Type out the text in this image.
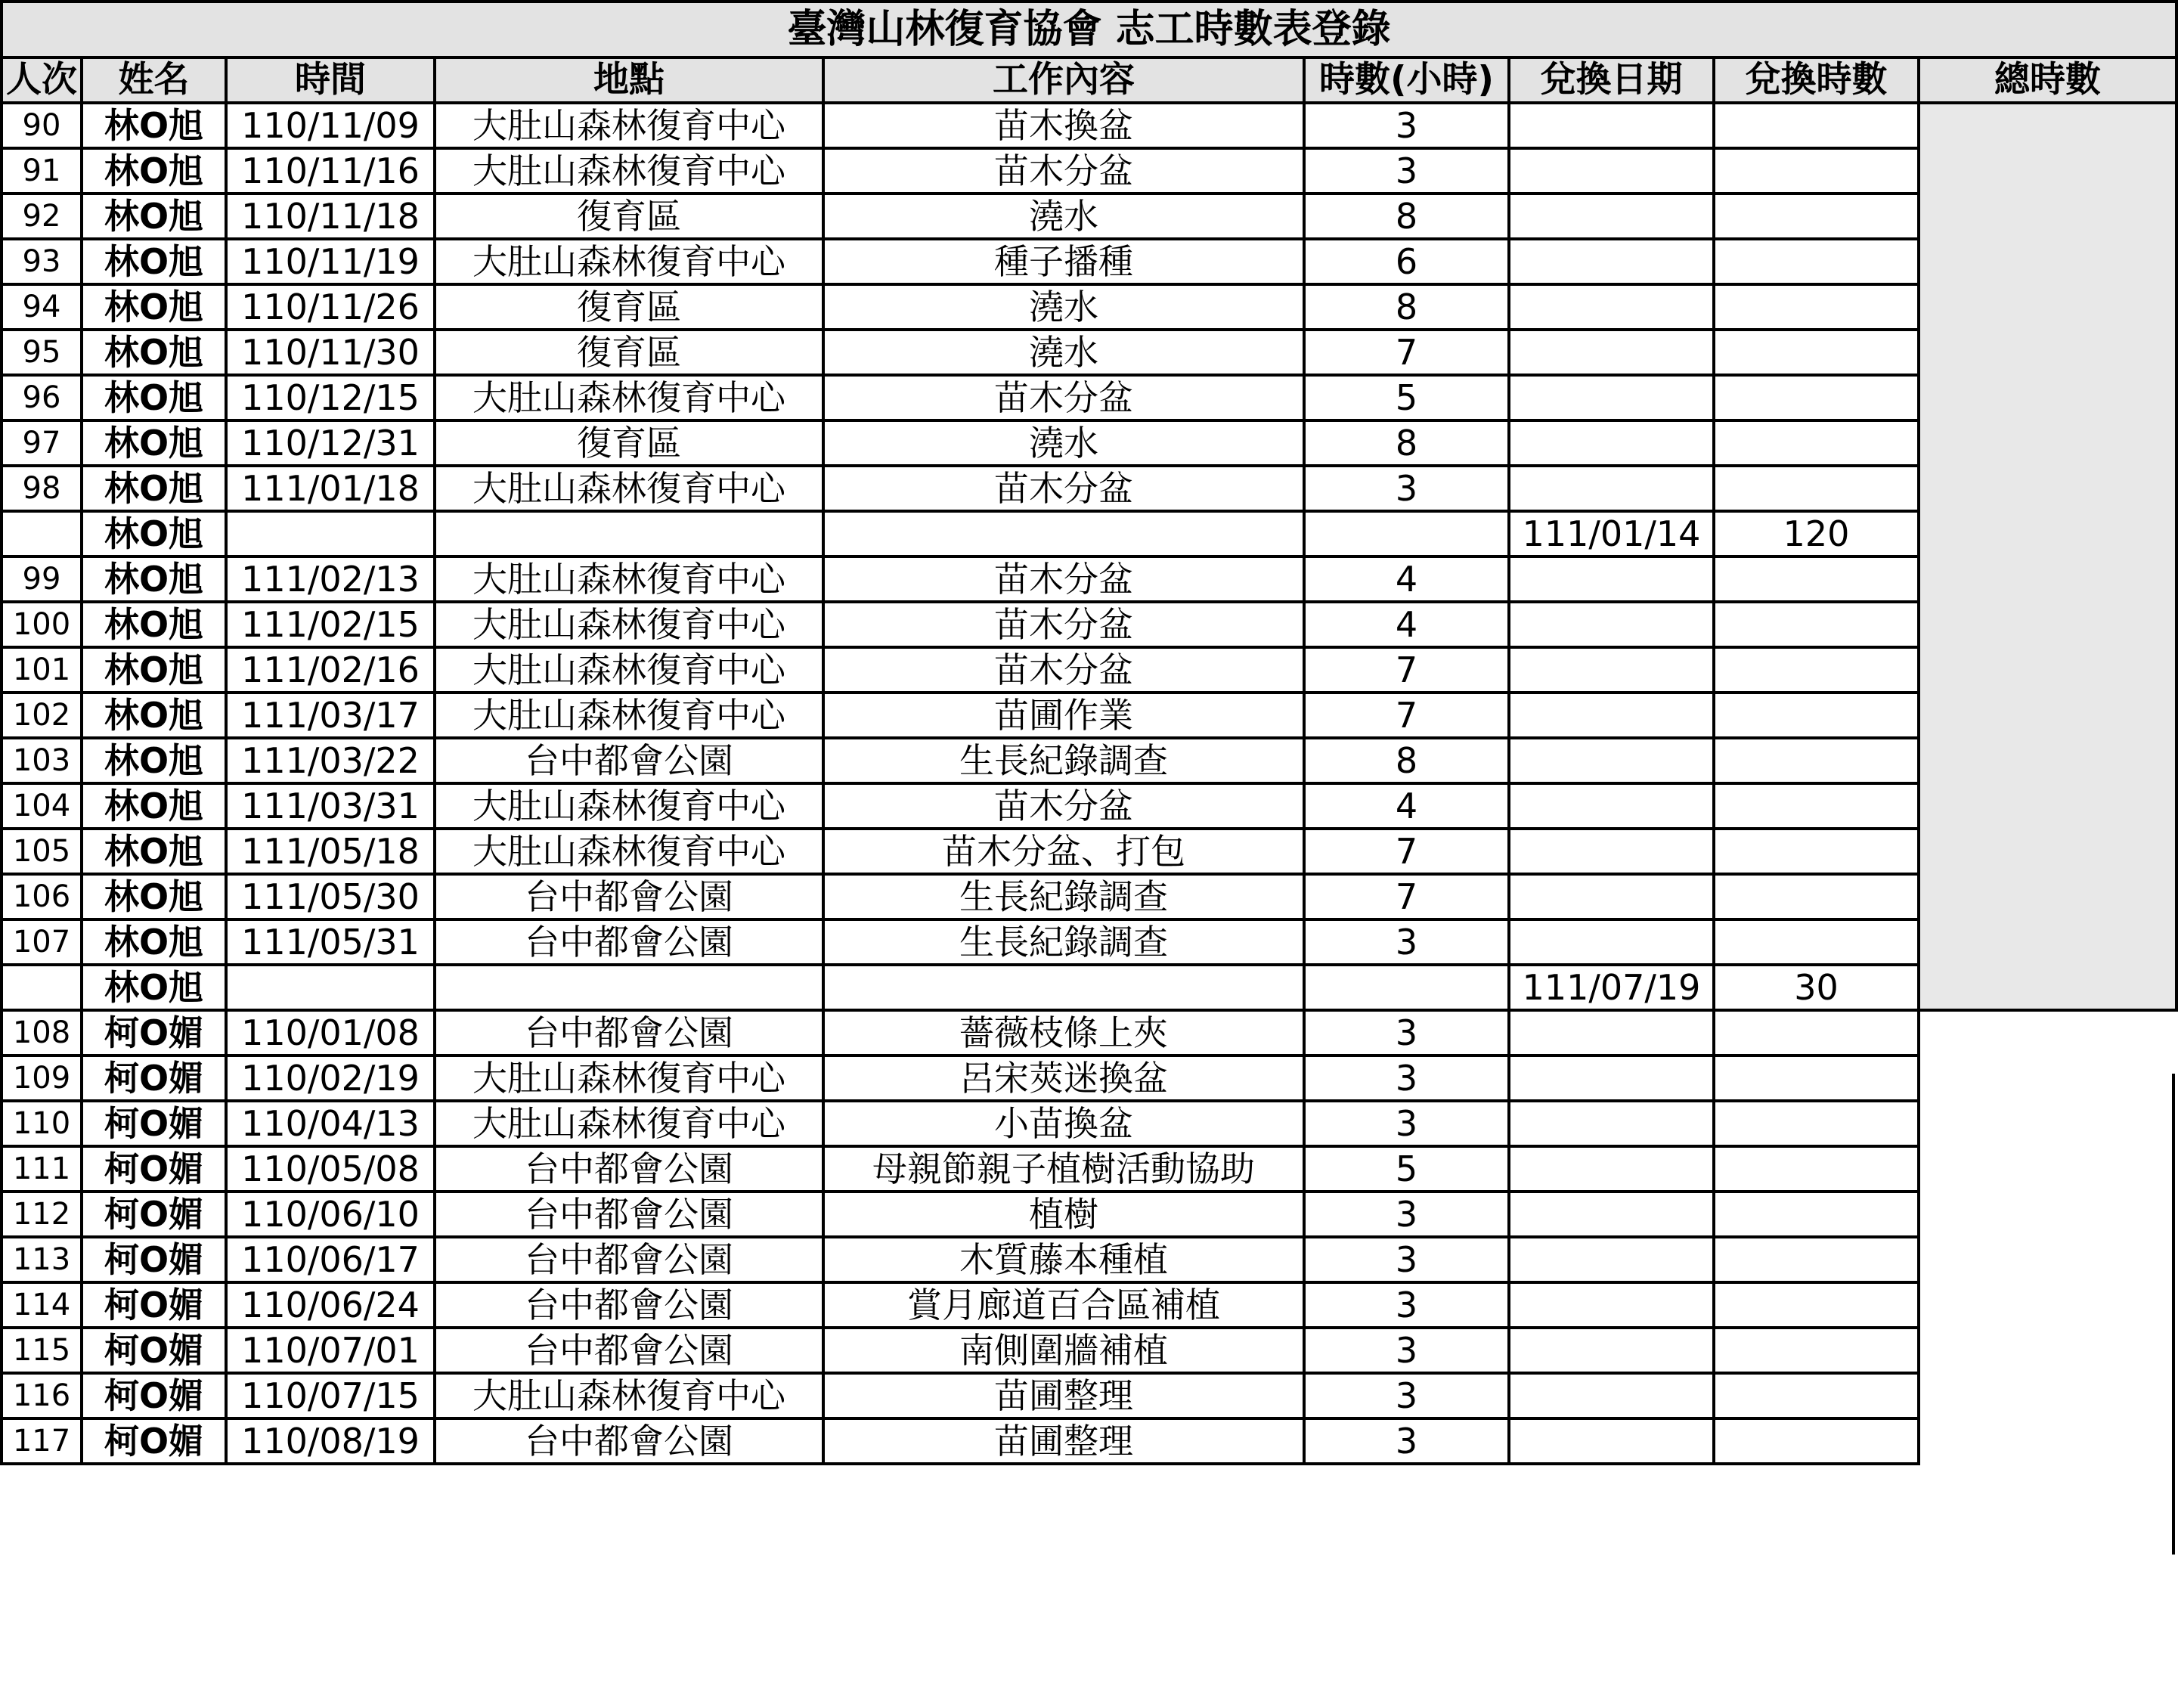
臺灣山林復育協會 志工時數表登錄								
人次	姓名	時間	地點	工作內容	時數(小時)	兌換日期	兌換時數	總時數
90	林O旭	110/11/09	大肚山森林復育中心	苗木換盆	3			
91	林O旭	110/11/16	大肚山森林復育中心	苗木分盆	3			
92	林O旭	110/11/18	復育區	澆水	8			
93	林O旭	110/11/19	大肚山森林復育中心	種子播種	6			
94	林O旭	110/11/26	復育區	澆水	8			
95	林O旭	110/11/30	復育區	澆水	7			
96	林O旭	110/12/15	大肚山森林復育中心	苗木分盆	5			
97	林O旭	110/12/31	復育區	澆水	8			
98	林O旭	111/01/18	大肚山森林復育中心	苗木分盆	3			
	林O旭					111/01/14	120	
99	林O旭	111/02/13	大肚山森林復育中心	苗木分盆	4			
100	林O旭	111/02/15	大肚山森林復育中心	苗木分盆	4			
101	林O旭	111/02/16	大肚山森林復育中心	苗木分盆	7			
102	林O旭	111/03/17	大肚山森林復育中心	苗圃作業	7			
103	林O旭	111/03/22	台中都會公園	生長紀錄調查	8			
104	林O旭	111/03/31	大肚山森林復育中心	苗木分盆	4			
105	林O旭	111/05/18	大肚山森林復育中心	苗木分盆、打包	7			
106	林O旭	111/05/30	台中都會公園	生長紀錄調查	7			
107	林O旭	111/05/31	台中都會公園	生長紀錄調查	3			
	林O旭					111/07/19	30	
108	柯O媚	110/01/08	台中都會公園	薔薇枝條上夾	3			
109	柯O媚	110/02/19	大肚山森林復育中心	呂宋莢迷換盆	3			
110	柯O媚	110/04/13	大肚山森林復育中心	小苗換盆	3			
111	柯O媚	110/05/08	台中都會公園	母親節親子植樹活動協助	5			
112	柯O媚	110/06/10	台中都會公園	植樹	3			
113	柯O媚	110/06/17	台中都會公園	木質藤本種植	3			
114	柯O媚	110/06/24	台中都會公園	賞月廊道百合區補植	3			
115	柯O媚	110/07/01	台中都會公園	南側圍牆補植	3			
116	柯O媚	110/07/15	大肚山森林復育中心	苗圃整理	3			
117	柯O媚	110/08/19	台中都會公園	苗圃整理	3			
